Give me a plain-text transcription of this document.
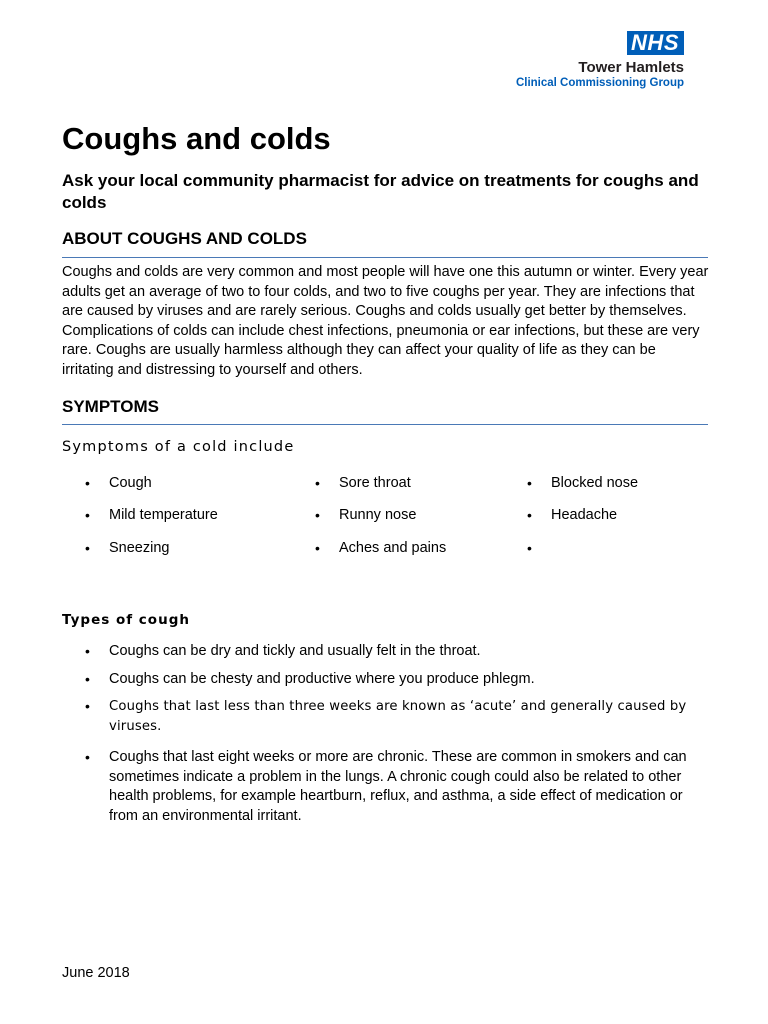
NHS
Tower Hamlets
Clinical Commissioning Group
Coughs and colds
Ask your local community pharmacist for advice on treatments for coughs and colds
ABOUT COUGHS AND COLDS

Coughs and colds are very common and most people will have one this autumn or winter. Every year adults get an average of two to four colds, and two to five coughs per year. They are infections that are caused by viruses and are rarely serious. Coughs and colds usually get better by themselves. Complications of colds can include chest infections, pneumonia or ear infections, but these are very rare. Coughs are usually harmless although they can affect your quality of life as they can be irritating and distressing to yourself and others.

SYMPTOMS
Symptoms of a cold include
• Cough	• Sore throat	• Blocked nose
• Mild temperature	• Runny nose	• Headache
• Sneezing	• Aches and pains	•
Types of cough
• Coughs can be dry and tickly and usually felt in the throat.
• Coughs can be chesty and productive where you produce phlegm.
• Coughs that last less than three weeks are known as ‘acute’ and generally caused by viruses.
• Coughs that last eight weeks or more are chronic. These are common in smokers and can sometimes indicate a problem in the lungs. A chronic cough could also be related to other health problems, for example heartburn, reflux, and asthma, a side effect of medication or from an environmental irritant.

June 2018
